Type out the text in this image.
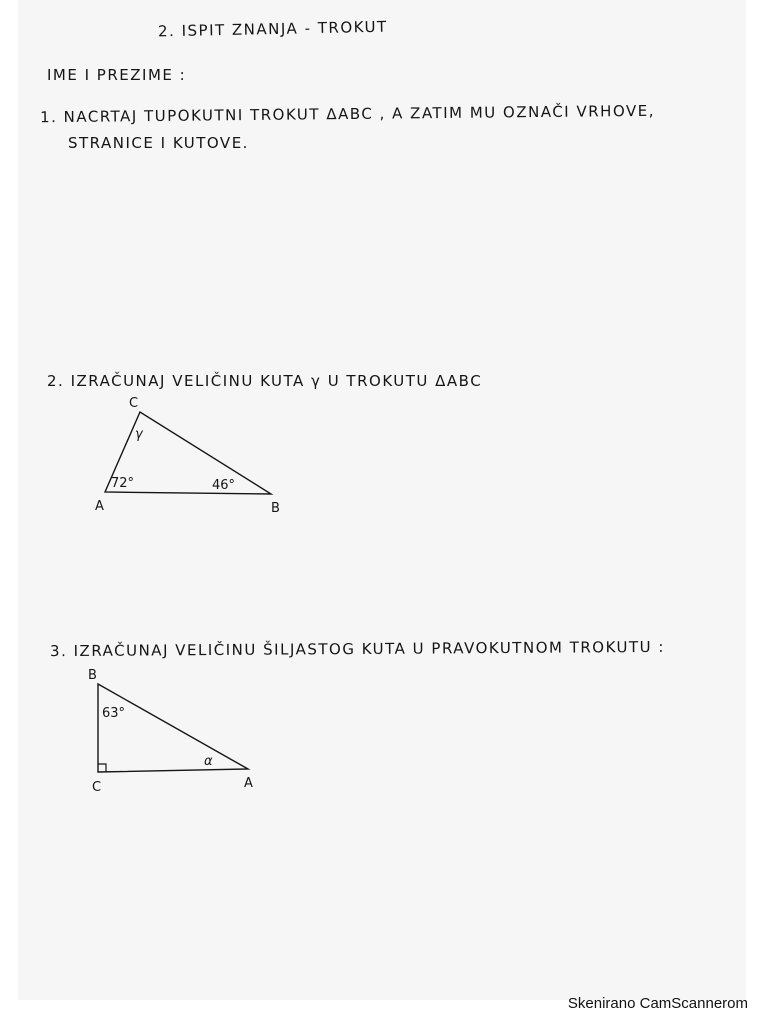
2. ISPIT ZNANJA - TROKUT
IME I PREZIME :
1. NACRTAJ TUPOKUTNI TROKUT ΔABC , A ZATIM MU OZNAČI VRHOVE,
STRANICE I KUTOVE.
2. IZRAČUNAJ VELIČINU KUTA γ U TROKUTU ΔABC
3. IZRAČUNAJ VELIČINU ŠILJASTOG KUTA U PRAVOKUTNOM TROKUTU :
C
A	B
γ
72°	46°
B
C	A
63°
α
Skenirano CamScannerom
